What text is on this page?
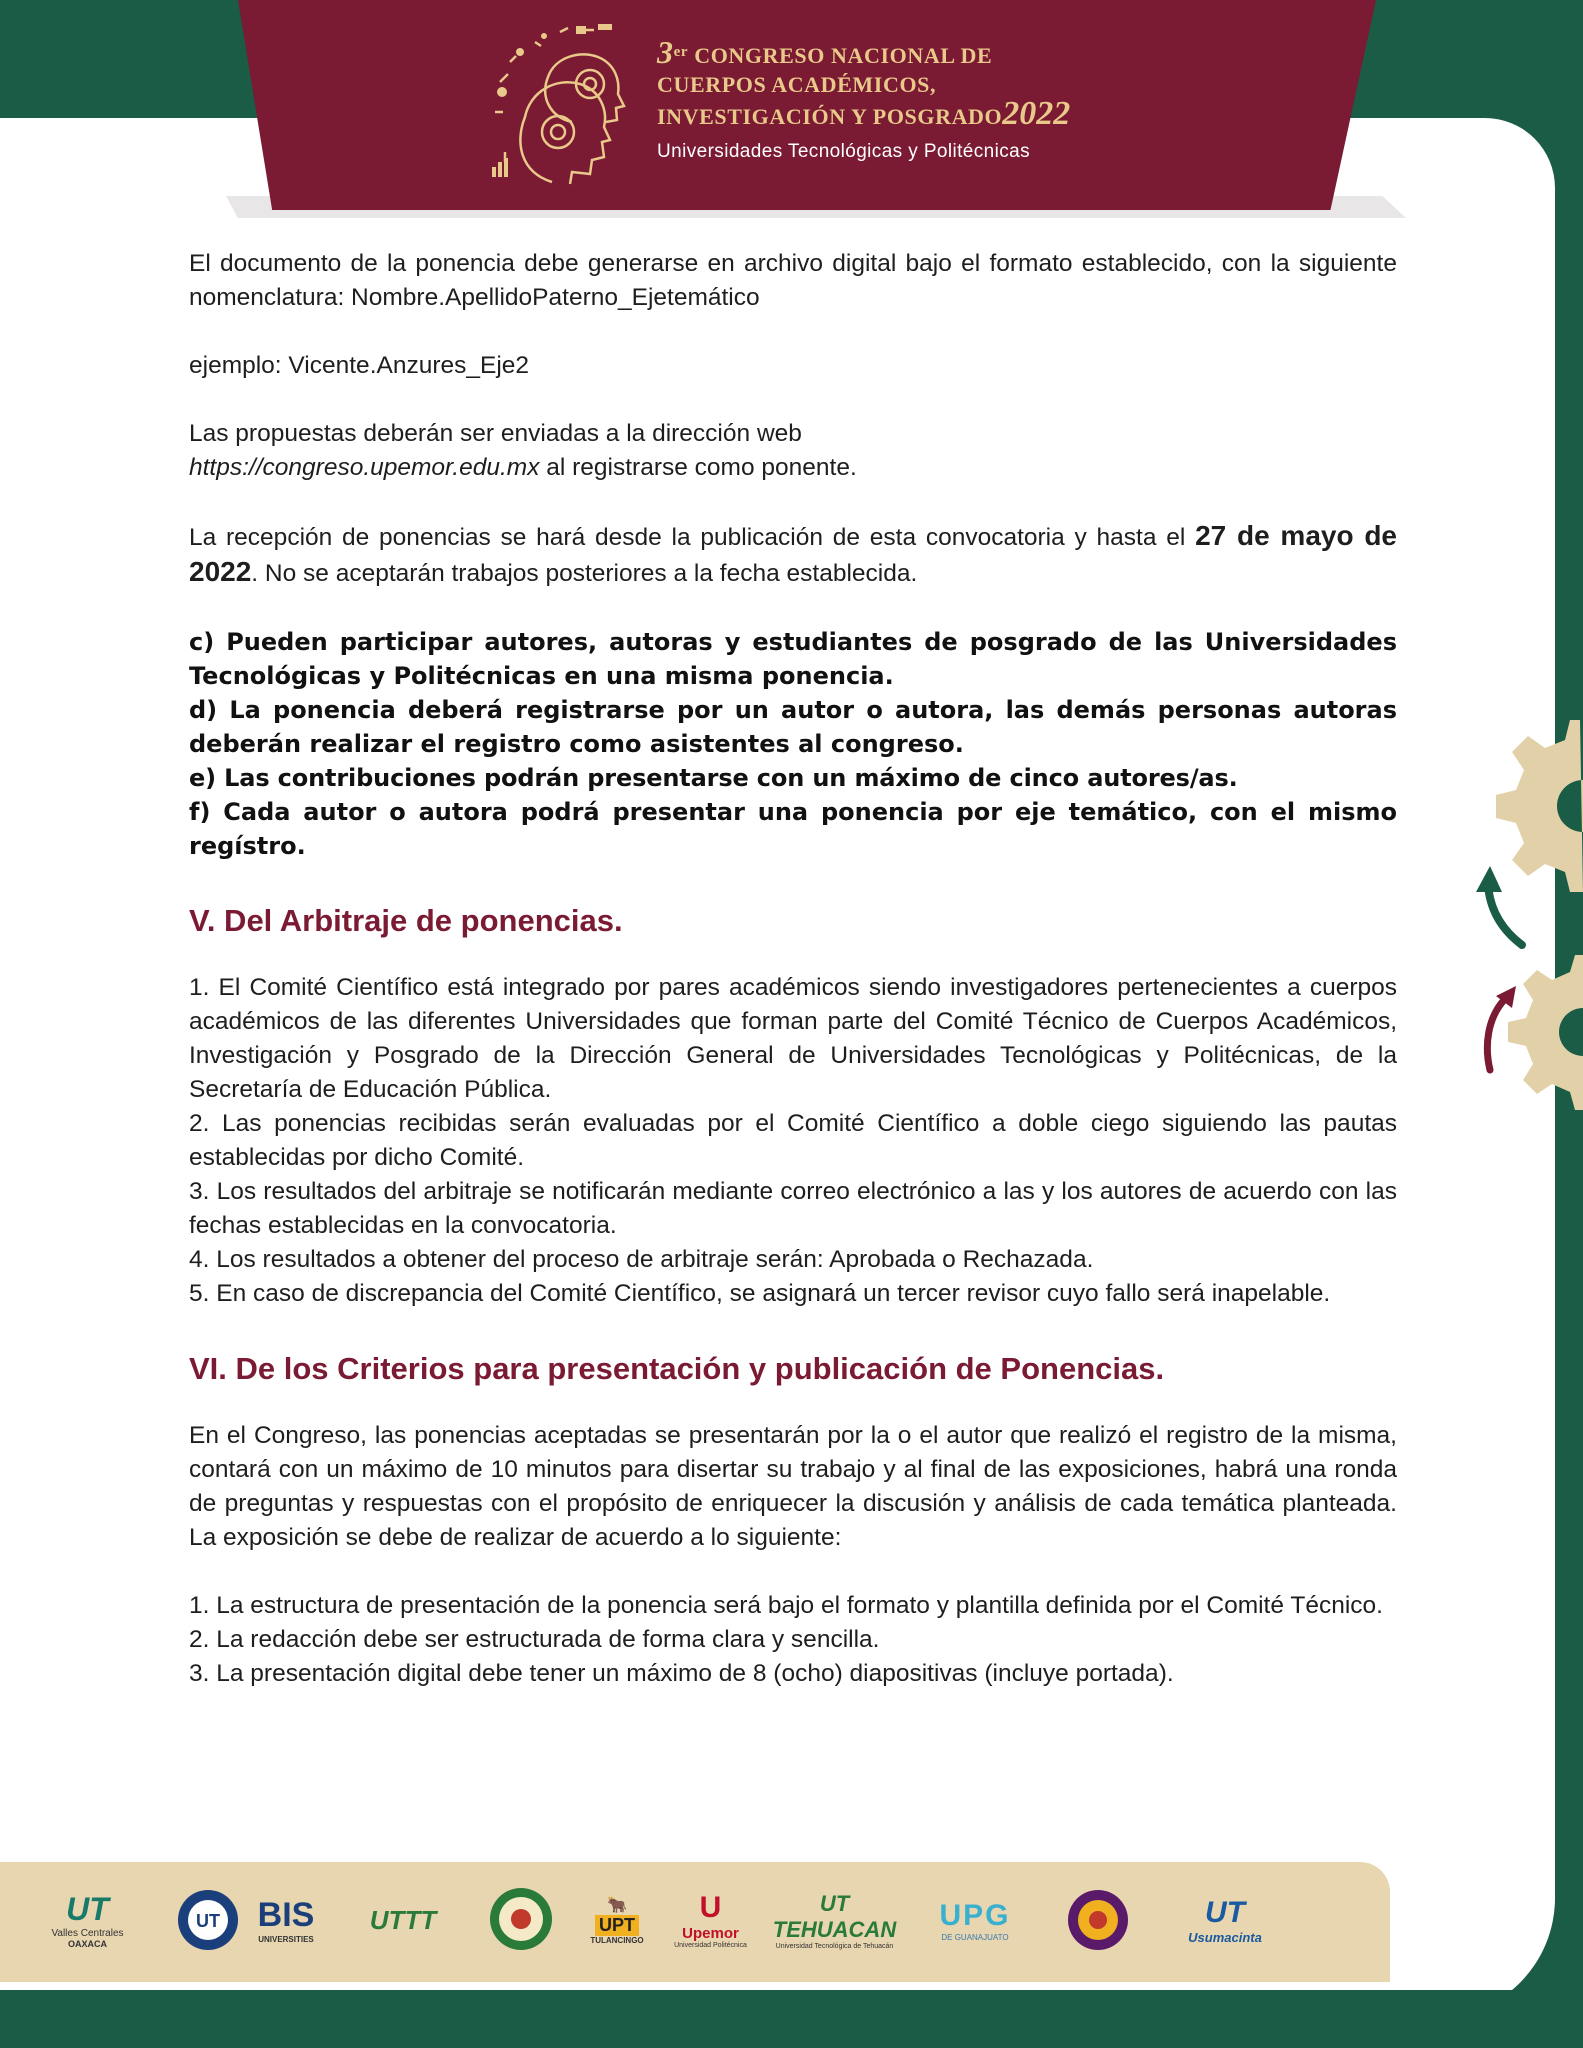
3er CONGRESO NACIONAL DE
CUERPOS ACADÉMICOS,
INVESTIGACIÓN Y POSGRADO2022
Universidades Tecnológicas y Politécnicas

El documento de la ponencia debe generarse en archivo digital bajo el formato establecido, con la siguiente nomenclatura: Nombre.ApellidoPaterno_Ejetemático

ejemplo: Vicente.Anzures_Eje2

Las propuestas deberán ser enviadas a la dirección web
https://congreso.upemor.edu.mx al registrarse como ponente.

La recepción de ponencias se hará desde la publicación de esta convocatoria y hasta el 27 de mayo de 2022. No se aceptarán trabajos posteriores a la fecha establecida.

c) Pueden participar autores, autoras y estudiantes de posgrado de las Universidades Tecnológicas y Politécnicas en una misma ponencia.

d) La ponencia deberá registrarse por un autor o autora, las demás personas autoras deberán realizar el registro como asistentes al congreso.

e) Las contribuciones podrán presentarse con un máximo de cinco autores/as.

f) Cada autor o autora podrá presentar una ponencia por eje temático, con el mismo regístro.

V. Del Arbitraje de ponencias.

1. El Comité Científico está integrado por pares académicos siendo investigadores pertenecientes a cuerpos académicos de las diferentes Universidades que forman parte del Comité Técnico de Cuerpos Académicos, Investigación y Posgrado de la Dirección General de Universidades Tecnológicas y Politécnicas, de la Secretaría de Educación Pública.

2. Las ponencias recibidas serán evaluadas por el Comité Científico a doble ciego siguiendo las pautas establecidas por dicho Comité.

3. Los resultados del arbitraje se notificarán mediante correo electrónico a las y los autores de acuerdo con las fechas establecidas en la convocatoria.

4. Los resultados a obtener del proceso de arbitraje serán: Aprobada o Rechazada.

5. En caso de discrepancia del Comité Científico, se asignará un tercer revisor cuyo fallo será inapelable.

VI. De los Criterios para presentación y publicación de Ponencias.

En el Congreso, las ponencias aceptadas se presentarán por la o el autor que realizó el registro de la misma, contará con un máximo de 10 minutos para disertar su trabajo y al final de las exposiciones, habrá una ronda de preguntas y respuestas con el propósito de enriquecer la discusión y análisis de cada temática planteada. La exposición se debe de realizar de acuerdo a lo siguiente:

1. La estructura de presentación de la ponencia será bajo el formato y plantilla definida por el Comité Técnico.

2. La redacción debe ser estructurada de forma clara y sencilla.

3. La presentación digital debe tener un máximo de 8 (ocho) diapositivas (incluye portada).

UT
Valles Centrales
OAXACA
UT BIS
UNIVERSITIES
UTTT	🐂
UPT
TULANCINGO
U
Upemor
Universidad Politécnica
UT TEHUACAN
Universidad Tecnológica de Tehuacán
UPG
DE GUANAJUATO
UT
Usumacinta
